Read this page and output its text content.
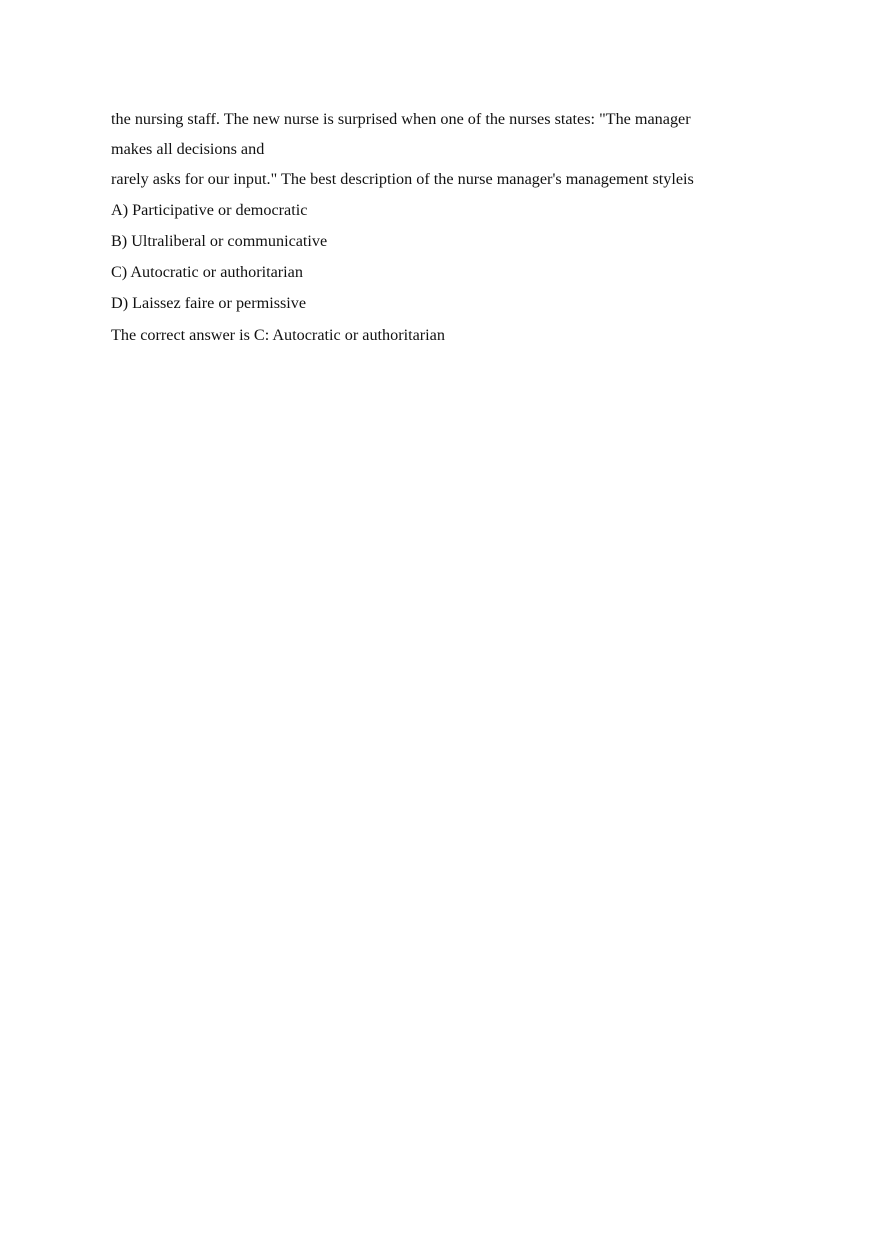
the nursing staff. The new nurse is surprised when one of the nurses states: "The manager
makes all decisions and
rarely asks for our input." The best description of the nurse manager's management styleis
A) Participative or democratic
B) Ultraliberal or communicative
C) Autocratic or authoritarian
D) Laissez faire or permissive
The correct answer is C: Autocratic or authoritarian
